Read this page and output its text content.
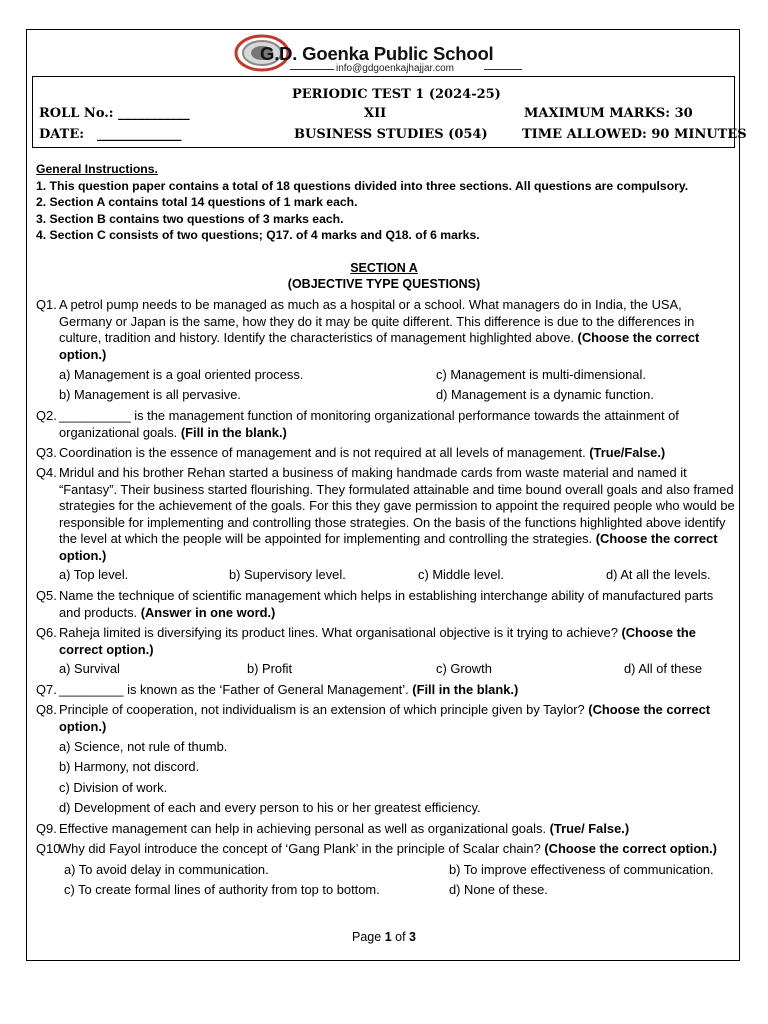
G.D. Goenka Public School
info@gdgoenkajhajjar.com
PERIODIC TEST 1 (2024-25)
ROLL No.: ___________	XII	MAXIMUM MARKS: 30
DATE: _____________	BUSINESS STUDIES (054)	TIME ALLOWED: 90 MINUTES
General Instructions.
1. This question paper contains a total of 18 questions divided into three sections. All questions are compulsory.
2. Section A contains total 14 questions of 1 mark each.
3. Section B contains two questions of 3 marks each.
4. Section C consists of two questions; Q17. of 4 marks and Q18. of 6 marks.
SECTION A
(OBJECTIVE TYPE QUESTIONS)
Q1. A petrol pump needs to be managed as much as a hospital or a school. What managers do in India, the USA, Germany or Japan is the same, how they do it may be quite different. This difference is due to the differences in culture, tradition and history. Identify the characteristics of management highlighted above. (Choose the correct option.)
a) Management is a goal oriented process.	c) Management is multi-dimensional.
b) Management is all pervasive.	d) Management is a dynamic function.
Q2. __________ is the management function of monitoring organizational performance towards the attainment of organizational goals. (Fill in the blank.)
Q3. Coordination is the essence of management and is not required at all levels of management. (True/False.)
Q4. Mridul and his brother Rehan started a business of making handmade cards from waste material and named it “Fantasy”. Their business started flourishing. They formulated attainable and time bound overall goals and also framed strategies for the achievement of the goals. For this they gave permission to appoint the required people who would be responsible for implementing and controlling those strategies. On the basis of the functions highlighted above identify the level at which the people will be appointed for implementing and controlling the strategies. (Choose the correct option.)
a) Top level.	b) Supervisory level.	c) Middle level.	d) At all the levels.
Q5. Name the technique of scientific management which helps in establishing interchange ability of manufactured parts and products. (Answer in one word.)
Q6. Raheja limited is diversifying its product lines. What organisational objective is it trying to achieve? (Choose the correct option.)
a) Survival	b) Profit	c) Growth	d) All of these
Q7. _________ is known as the ‘Father of General Management’. (Fill in the blank.)
Q8. Principle of cooperation, not individualism is an extension of which principle given by Taylor? (Choose the correct option.)
a) Science, not rule of thumb.
b) Harmony, not discord.
c) Division of work.
d) Development of each and every person to his or her greatest efficiency.
Q9. Effective management can help in achieving personal as well as organizational goals. (True/ False.)
Q10.
Why did Fayol introduce the concept of ‘Gang Plank’ in the principle of Scalar chain? (Choose the correct option.)
a) To avoid delay in communication.	b) To improve effectiveness of communication.
c) To create formal lines of authority from top to bottom.	d) None of these.
Page 1 of 3
